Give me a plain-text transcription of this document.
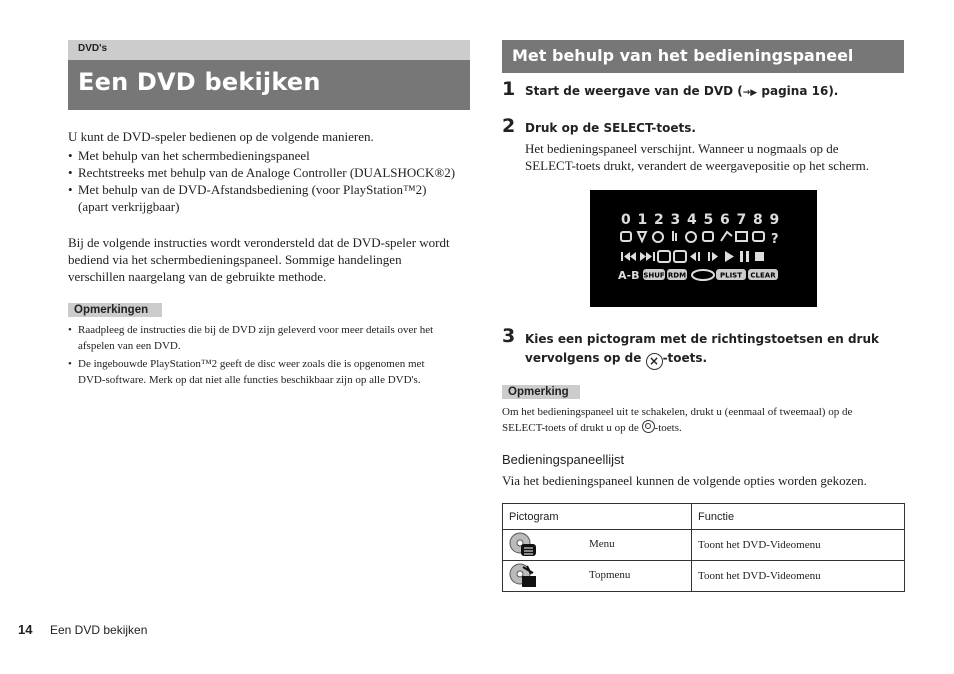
DVD's
Een DVD bekijken
U kunt de DVD-speler bedienen op de volgende manieren.
• Met behulp van het schermbedieningspaneel
• Rechtstreeks met behulp van de Analoge Controller (DUALSHOCK®2)
• Met behulp van de DVD-Afstandsbediening (voor PlayStation™2)
(apart verkrijgbaar)
Bij de volgende instructies wordt verondersteld dat de DVD-speler wordt
bediend via het schermbedieningspaneel. Sommige handelingen
verschillen naargelang van de gebruikte methode.
Opmerkingen
• Raadpleeg de instructies die bij de DVD zijn geleverd voor meer details over het
afspelen van een DVD.
• De ingebouwde PlayStation™2 geeft de disc weer zoals die is opgenomen met
DVD-software. Merk op dat niet alle functies beschikbaar zijn op alle DVD's.
Met behulp van het bedieningspaneel
1 Start de weergave van de DVD (→▶ pagina 16).
2 Druk op de SELECT-toets.
Het bedieningspaneel verschijnt. Wanneer u nogmaals op de
SELECT-toets drukt, verandert de weergavepositie op het scherm.
0 1 2 3 4 5 6 7 8 9
?
A-B SHUF RDM	PLIST CLEAR
3 Kies een pictogram met de richtingstoetsen en druk
vervolgens op de × -toets.
Opmerking
Om het bedieningspaneel uit te schakelen, drukt u (eenmaal of tweemaal) op de
SELECT-toets of drukt u op de
-toets.
Bedieningspaneellijst
Via het bedieningspaneel kunnen de volgende opties worden gekozen.
Pictogram	Functie

Menu	Toont het DVD-Videomenu

Topmenu	Toont het DVD-Videomenu
14 Een DVD bekijken
